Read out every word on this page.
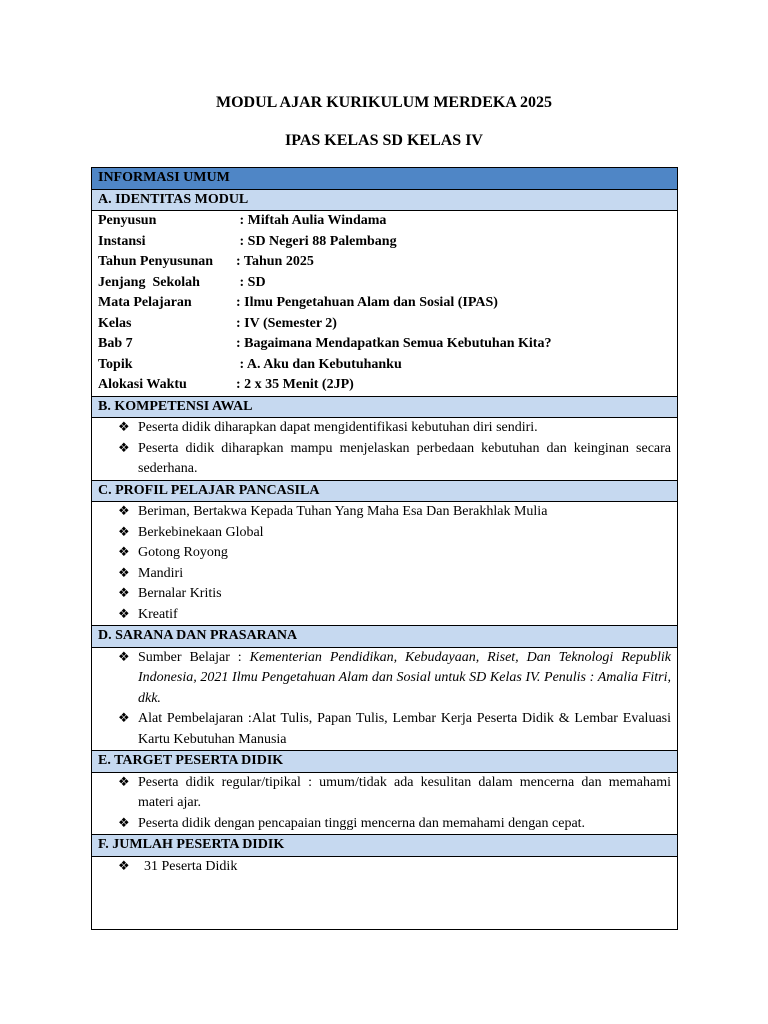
MODUL AJAR KURIKULUM MERDEKA 2025
IPAS KELAS SD KELAS IV
INFORMASI UMUM
A. IDENTITAS MODUL

Penyusun	: Miftah Aulia Windama
Instansi	: SD Negeri 88 Palembang
Tahun Penyusunan	: Tahun 2025
Jenjang  Sekolah	: SD
Mata Pelajaran	: Ilmu Pengetahuan Alam dan Sosial (IPAS)
Kelas	: IV (Semester 2)
Bab 7	: Bagaimana Mendapatkan Semua Kebutuhan Kita?
Topik	: A. Aku dan Kebutuhanku
Alokasi Waktu	: 2 x 35 Menit (2JP)

B. KOMPETENSI AWAL

❖ Peserta didik diharapkan dapat mengidentifikasi kebutuhan diri sendiri.
❖ Peserta didik diharapkan mampu menjelaskan perbedaan kebutuhan dan keinginan secara sederhana.

C. PROFIL PELAJAR PANCASILA

❖ Beriman, Bertakwa Kepada Tuhan Yang Maha Esa Dan Berakhlak Mulia
❖ Berkebinekaan Global
❖ Gotong Royong
❖ Mandiri
❖ Bernalar Kritis
❖ Kreatif

D. SARANA DAN PRASARANA

❖ Sumber Belajar : Kementerian Pendidikan, Kebudayaan, Riset, Dan Teknologi Republik Indonesia, 2021 Ilmu Pengetahuan Alam dan Sosial untuk SD Kelas IV. Penulis : Amalia Fitri, dkk.
❖ Alat Pembelajaran :Alat Tulis, Papan Tulis, Lembar Kerja Peserta Didik & Lembar Evaluasi Kartu Kebutuhan Manusia

E. TARGET PESERTA DIDIK

❖ Peserta didik regular/tipikal : umum/tidak ada kesulitan dalam mencerna dan memahami materi ajar.
❖ Peserta didik dengan pencapaian tinggi mencerna dan memahami dengan cepat.

F. JUMLAH PESERTA DIDIK

❖ 31 Peserta Didik
